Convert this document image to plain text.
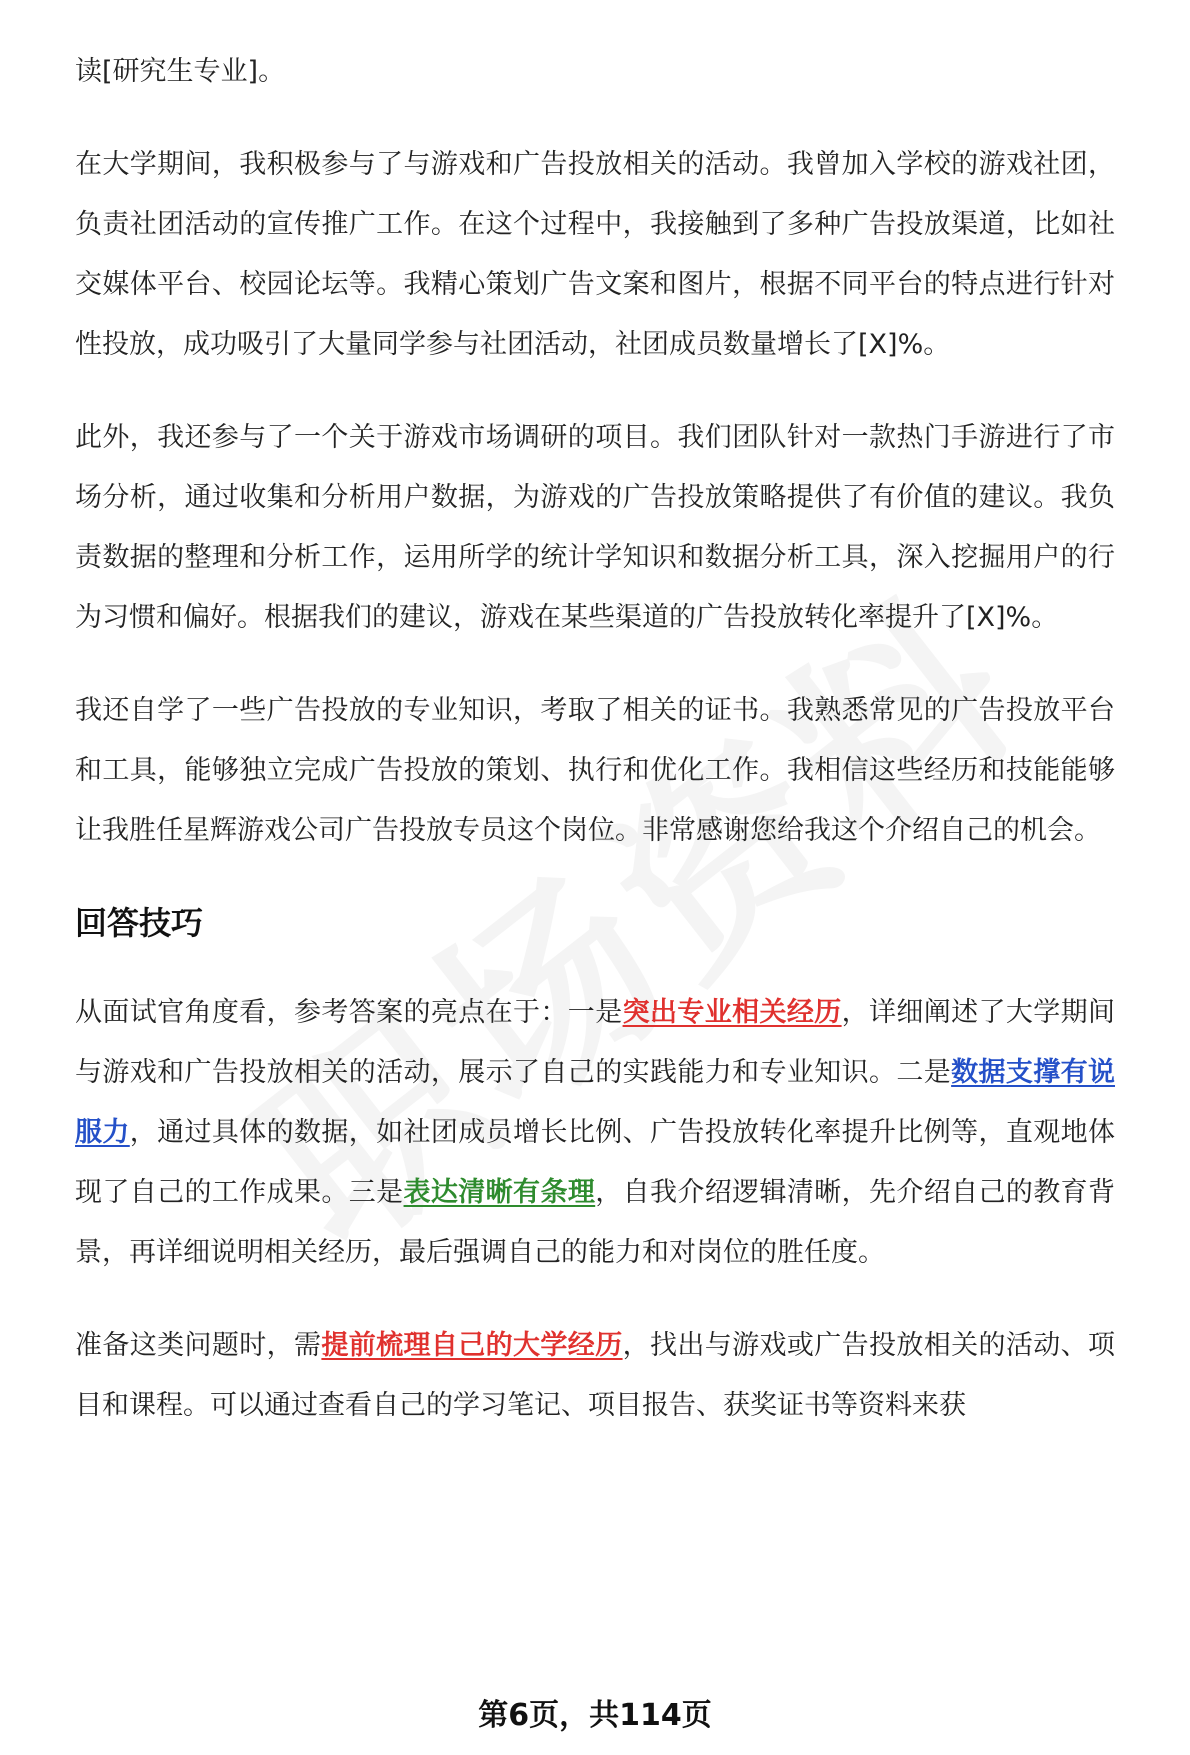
读[研究生专业]。

在大学期间，我积极参与了与游戏和广告投放相关的活动。我曾加入学校的游戏社团，负责社团活动的宣传推广工作。在这个过程中，我接触到了多种广告投放渠道，比如社交媒体平台、校园论坛等。我精心策划广告文案和图片，根据不同平台的特点进行针对性投放，成功吸引了大量同学参与社团活动，社团成员数量增长了[X]%。

此外，我还参与了一个关于游戏市场调研的项目。我们团队针对一款热门手游进行了市场分析，通过收集和分析用户数据，为游戏的广告投放策略提供了有价值的建议。我负责数据的整理和分析工作，运用所学的统计学知识和数据分析工具，深入挖掘用户的行为习惯和偏好。根据我们的建议，游戏在某些渠道的广告投放转化率提升了[X]%。

我还自学了一些广告投放的专业知识，考取了相关的证书。我熟悉常见的广告投放平台和工具，能够独立完成广告投放的策划、执行和优化工作。我相信这些经历和技能能够让我胜任星辉游戏公司广告投放专员这个岗位。非常感谢您给我这个介绍自己的机会。

回答技巧

从面试官角度看，参考答案的亮点在于：一是突出专业相关经历，详细阐述了大学期间与游戏和广告投放相关的活动，展示了自己的实践能力和专业知识。二是数据支撑有说服力，通过具体的数据，如社团成员增长比例、广告投放转化率提升比例等，直观地体现了自己的工作成果。三是表达清晰有条理，自我介绍逻辑清晰，先介绍自己的教育背景，再详细说明相关经历，最后强调自己的能力和对岗位的胜任度。

准备这类问题时，需提前梳理自己的大学经历，找出与游戏或广告投放相关的活动、项目和课程。可以通过查看自己的学习笔记、项目报告、获奖证书等资料来获

第6页，共114页
